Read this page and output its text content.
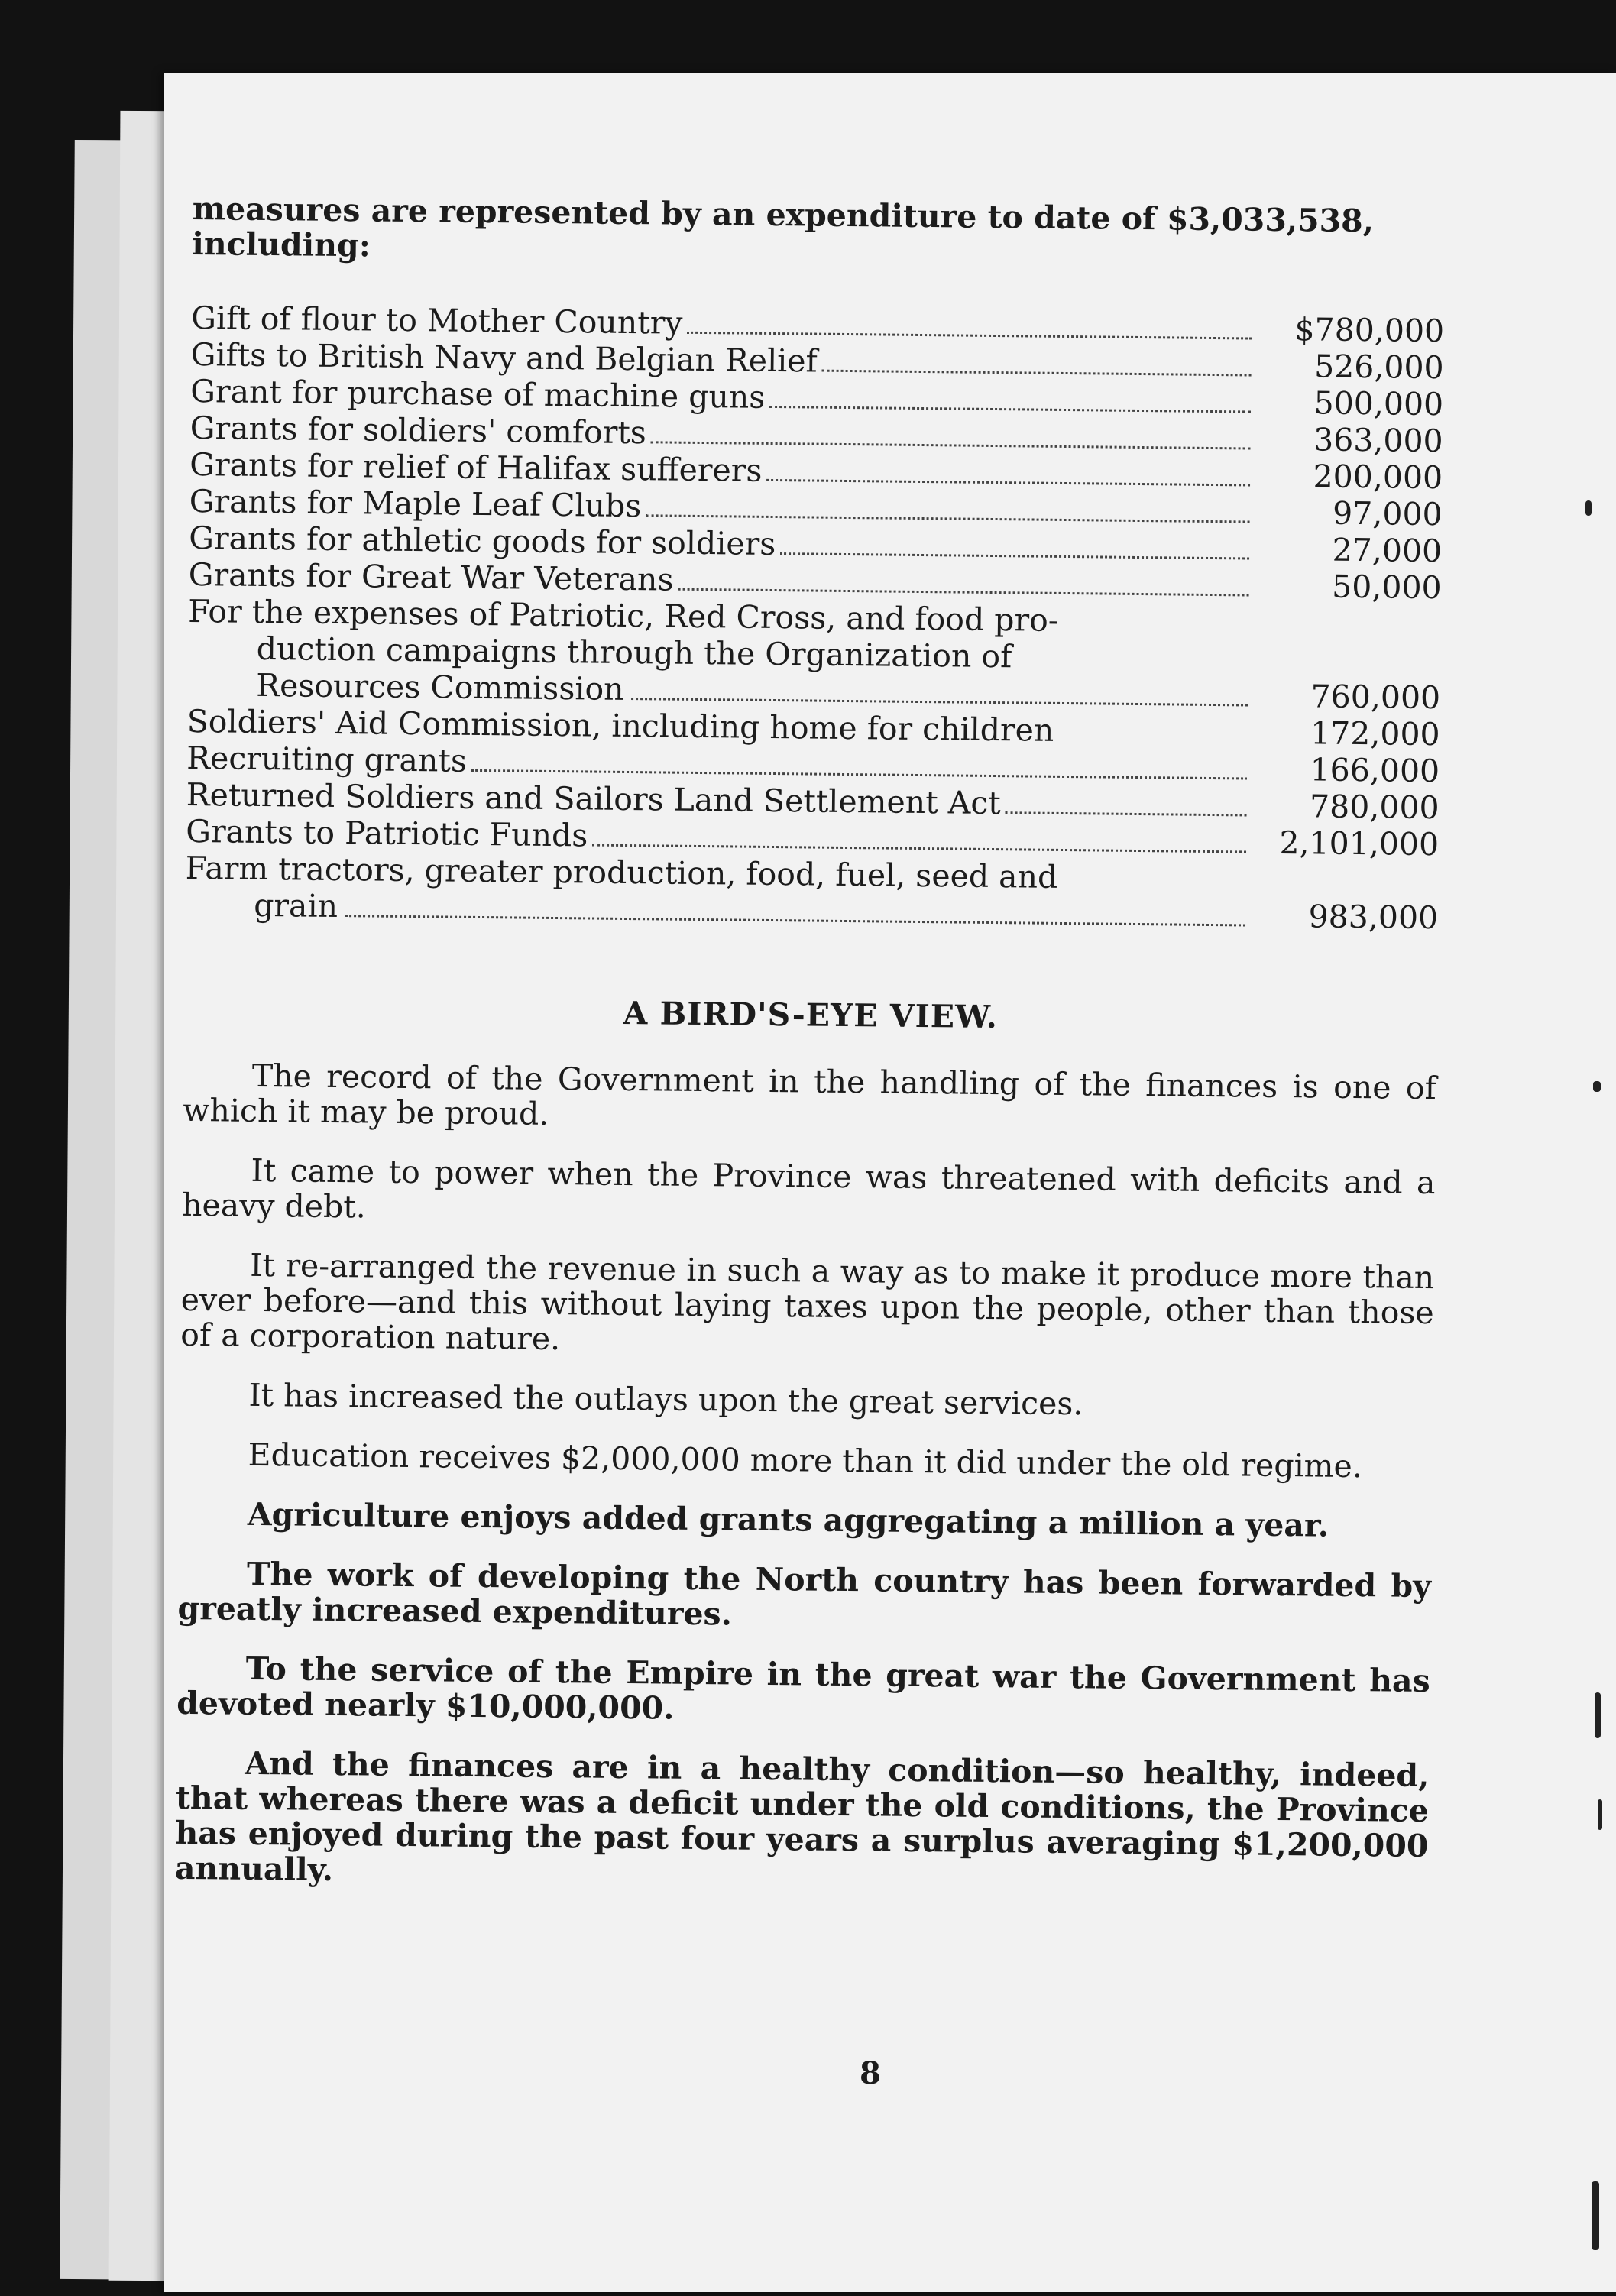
measures are represented by an expenditure to date of $3,033,538, including:

Gift of flour to Mother Country	$780,000
Gifts to British Navy and Belgian Relief	526,000
Grant for purchase of machine guns	500,000
Grants for soldiers' comforts	363,000
Grants for relief of Halifax sufferers	200,000
Grants for Maple Leaf Clubs	97,000
Grants for athletic goods for soldiers	27,000
Grants for Great War Veterans	50,000
For the expenses of Patriotic, Red Cross, and food pro-
duction campaigns through the Organization of
Resources Commission	760,000
Soldiers' Aid Commission, including home for children	172,000
Recruiting grants	166,000
Returned Soldiers and Sailors Land Settlement Act	780,000
Grants to Patriotic Funds	2,101,000
Farm tractors, greater production, food, fuel, seed and
grain	983,000
A BIRD'S-EYE VIEW.

The record of the Government in the handling of the finances is one of which it may be proud.

It came to power when the Province was threatened with deficits and a heavy debt.

It re-arranged the revenue in such a way as to make it produce more than ever before—and this without laying taxes upon the people, other than those of a corporation nature.

It has increased the outlays upon the great services.

Education receives $2,000,000 more than it did under the old regime.

Agriculture enjoys added grants aggregating a million a year.

The work of developing the North country has been forwarded by greatly increased expenditures.

To the service of the Empire in the great war the Government has devoted nearly $10,000,000.

And the finances are in a healthy condition—so healthy, indeed, that whereas there was a deficit under the old conditions, the Province has enjoyed during the past four years a surplus averaging $1,200,000 annually.

8
